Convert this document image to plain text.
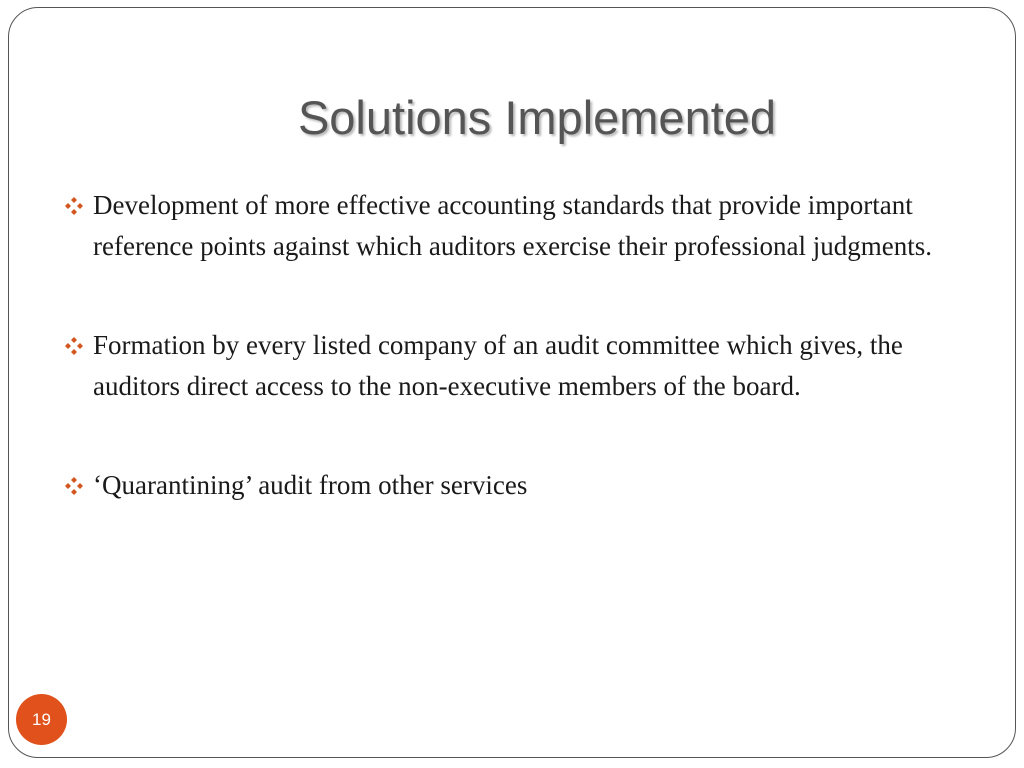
Solutions Implemented
Development of more effective accounting standards that provide important reference points against which auditors exercise their professional judgments.
Formation by every listed company of an audit committee which gives, the auditors direct access to the non-executive members of the board.
‘Quarantining’ audit from other services
19
